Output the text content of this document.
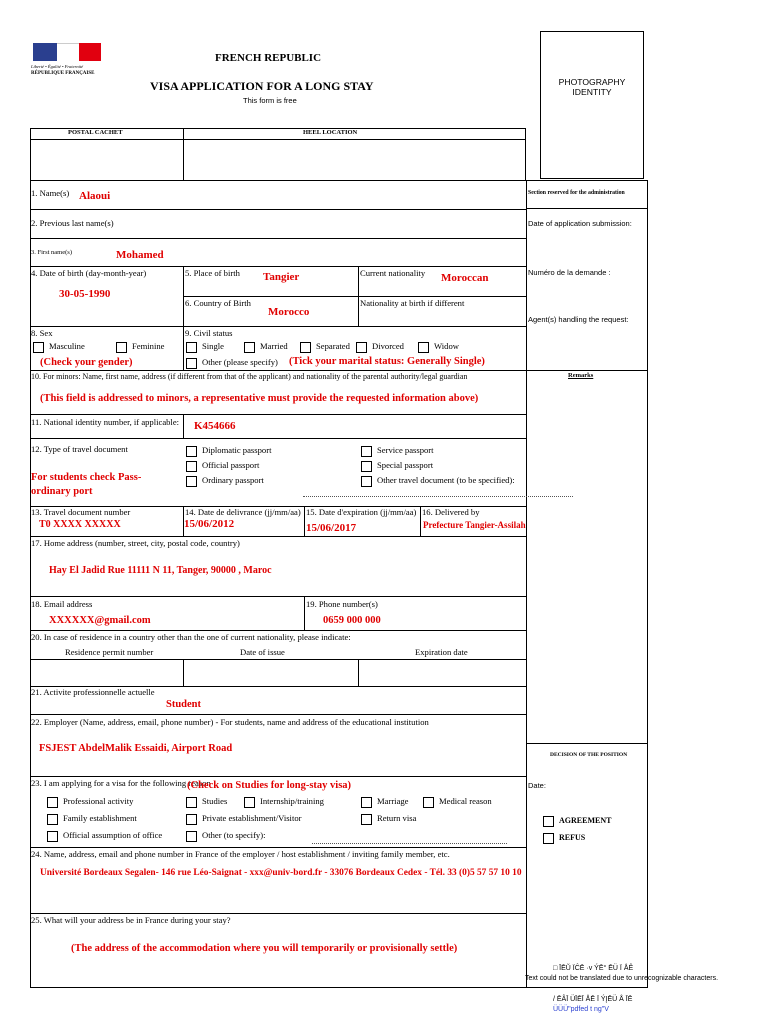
Liberté • Égalité • Fraternité
RÉPUBLIQUE FRANÇAISE
FRENCH REPUBLIC
VISA APPLICATION FOR A LONG STAY
This form is free
PHOTOGRAPHY IDENTITY
POSTAL CACHET	HEEL LOCATION
Section reserved for the administration
Date of application submission:
Numéro de la demande :
Agent(s) handling the request:
Remarks
DECISION OF THE POSITION
Date:
AGREEMENT
REFUS
1. Name(s) Alaoui
2. Previous last name(s)
3. First name(s)	Mohamed
4. Date of birth (day-month-year)
30-05-1990
5. Place of birth Tangier	Current nationality Moroccan
6. Country of Birth
Morocco
Nationality at birth if different
8. Sex
Masculine	Feminine
(Check your gender)
9. Civil status
Single	Married	Separated	Divorced	Widow
Other (please specify) (Tick your marital status: Generally Single)
10. For minors: Name, first name, address (if different from that of the applicant) and nationality of the parental authority/legal guardian
(This field is addressed to minors, a representative must provide the requested information above)
11. National identity number, if applicable: K454666
12. Type of travel document
For students check Pass-
ordinary port
Diplomatic passport
Official passport
Ordinary passport
Service passport
Special passport
Other travel document (to be specified):
13. Travel document number
T0 XXXX XXXXX
14. Date de delivrance (jj/mm/aa)
15/06/2012
15. Date d'expiration (jj/mm/aa)
15/06/2017
16. Delivered by
Prefecture Tangier-Assilah
17. Home address (number, street, city, postal code, country)
Hay El Jadid Rue 11111 N 11, Tanger, 90000 , Maroc
18. Email address
XXXXXX@gmail.com
19. Phone number(s)
0659 000 000
20. In case of residence in a country other than the one of current nationality, please indicate:
Residence permit number	Date of issue	Expiration date
21. Activite professionnelle actuelle
Student
22. Employer (Name, address, email, phone number) - For students, name and address of the educational institution
FSJEST AbdelMalik Essaidi, Airport Road
23. I am applying for a visa for the following reason
(Check on Studies for long-stay visa)
Professional activity
Family establishment
Official assumption of office
Studies
Private establishment/Visitor
Other (to specify):
Internship/training	Marriage	Medical reason
Return visa
24. Name, address, email and phone number in France of the employer / host establishment / inviting family member, etc.
Université Bordeaux Segalen- 146 rue Léo-Saignat - xxx@univ-bord.fr - 33076 Bordeaux Cedex - Tél. 33 (0)5 57 57 10 10
25. What will your address be in France during your stay?
(The address of the accommodation where you will temporarily or provisionally settle)
□ ĪĒŬ ÏĈĒ ·v ÝĒ° ĒÜ Ï ÅÊ
Text could not be translated due to unrecognizable characters.
/ ĒÂĪ ÜĪĒĪ ÅĒ Ï ÝĮĒÜ Å ĪĒ
ÜÜÜ"pdfed t ng"V
